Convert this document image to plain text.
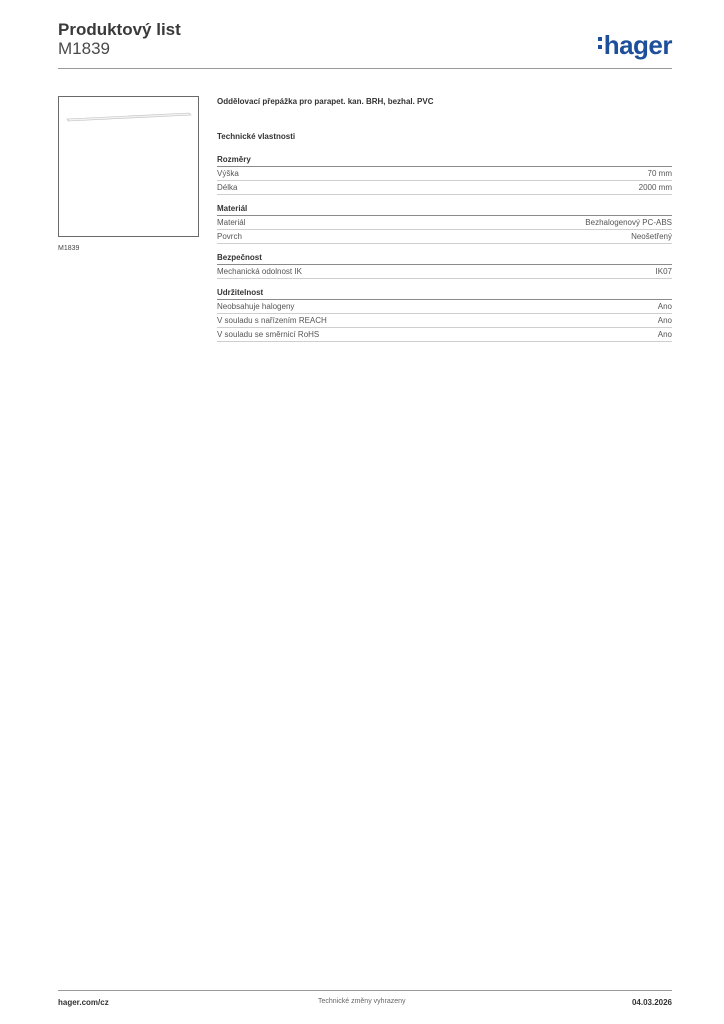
Produktový list
M1839	hager
M1839
Oddělovací přepážka pro parapet. kan. BRH, bezhal. PVC
Technické vlastnosti
Rozměry
Výška	70 mm
Délka	2000 mm
Materiál
Materiál	Bezhalogenový PC-ABS
Povrch	Neošetřený
Bezpečnost
Mechanická odolnost IK	IK07
Udržitelnost
Neobsahuje halogeny	Ano
V souladu s nařízením REACH	Ano
V souladu se směrnicí RoHS	Ano
hager.com/cz	Technické změny vyhrazeny	04.03.2026
